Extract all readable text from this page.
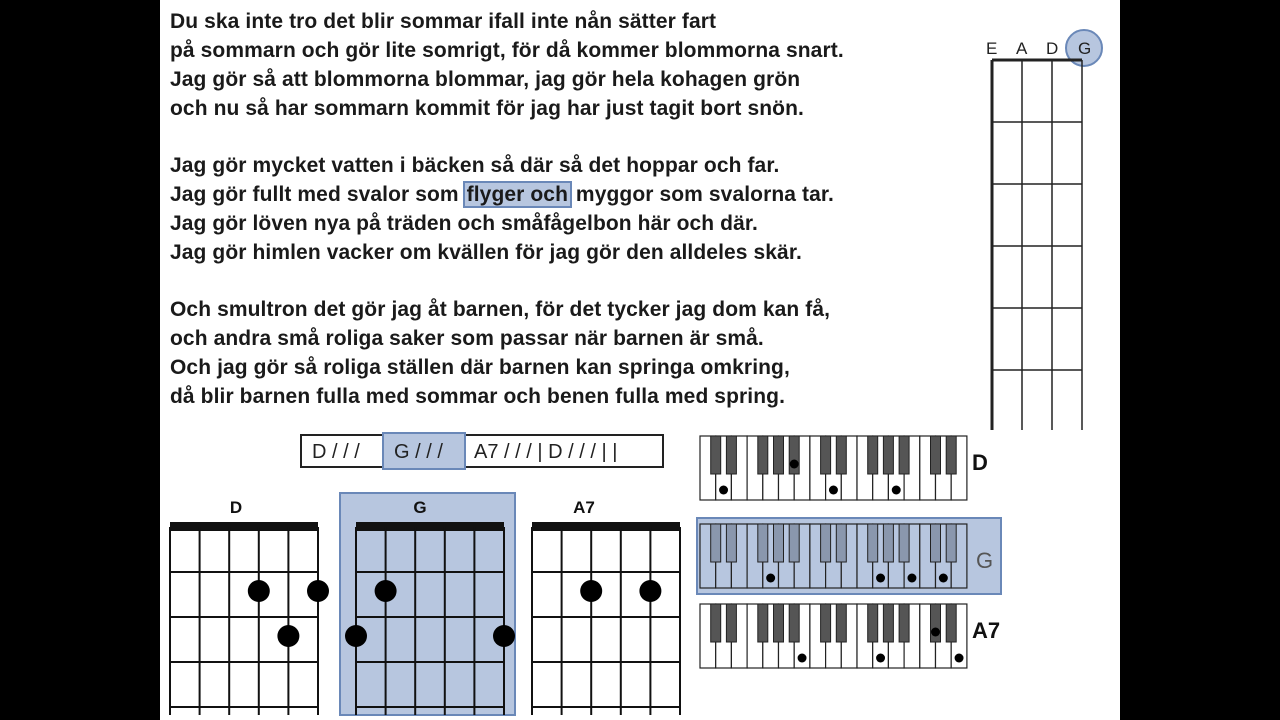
Du ska inte tro det blir sommar ifall inte nån sätter fart

på sommarn och gör lite somrigt, för då kommer blommorna snart.

Jag gör så att blommorna blommar, jag gör hela kohagen grön

och nu så har sommarn kommit för jag har just tagit bort snön.

Jag gör mycket vatten i bäcken så där så det hoppar och far.

Jag gör fullt med svalor som flyger och myggor som svalorna tar.

Jag gör löven nya på träden och småfågelbon här och där.

Jag gör himlen vacker om kvällen för jag gör den alldeles skär.

Och smultron det gör jag åt barnen, för det tycker jag dom kan få,

och andra små roliga saker som passar när barnen är små.

Och jag gör så roliga ställen där barnen kan springa omkring,

då blir barnen fulla med sommar och benen fulla med spring.

E A D G
D / / / G / / / A7 / / / | D / / / | |
D	G	A7
D
G
A7
